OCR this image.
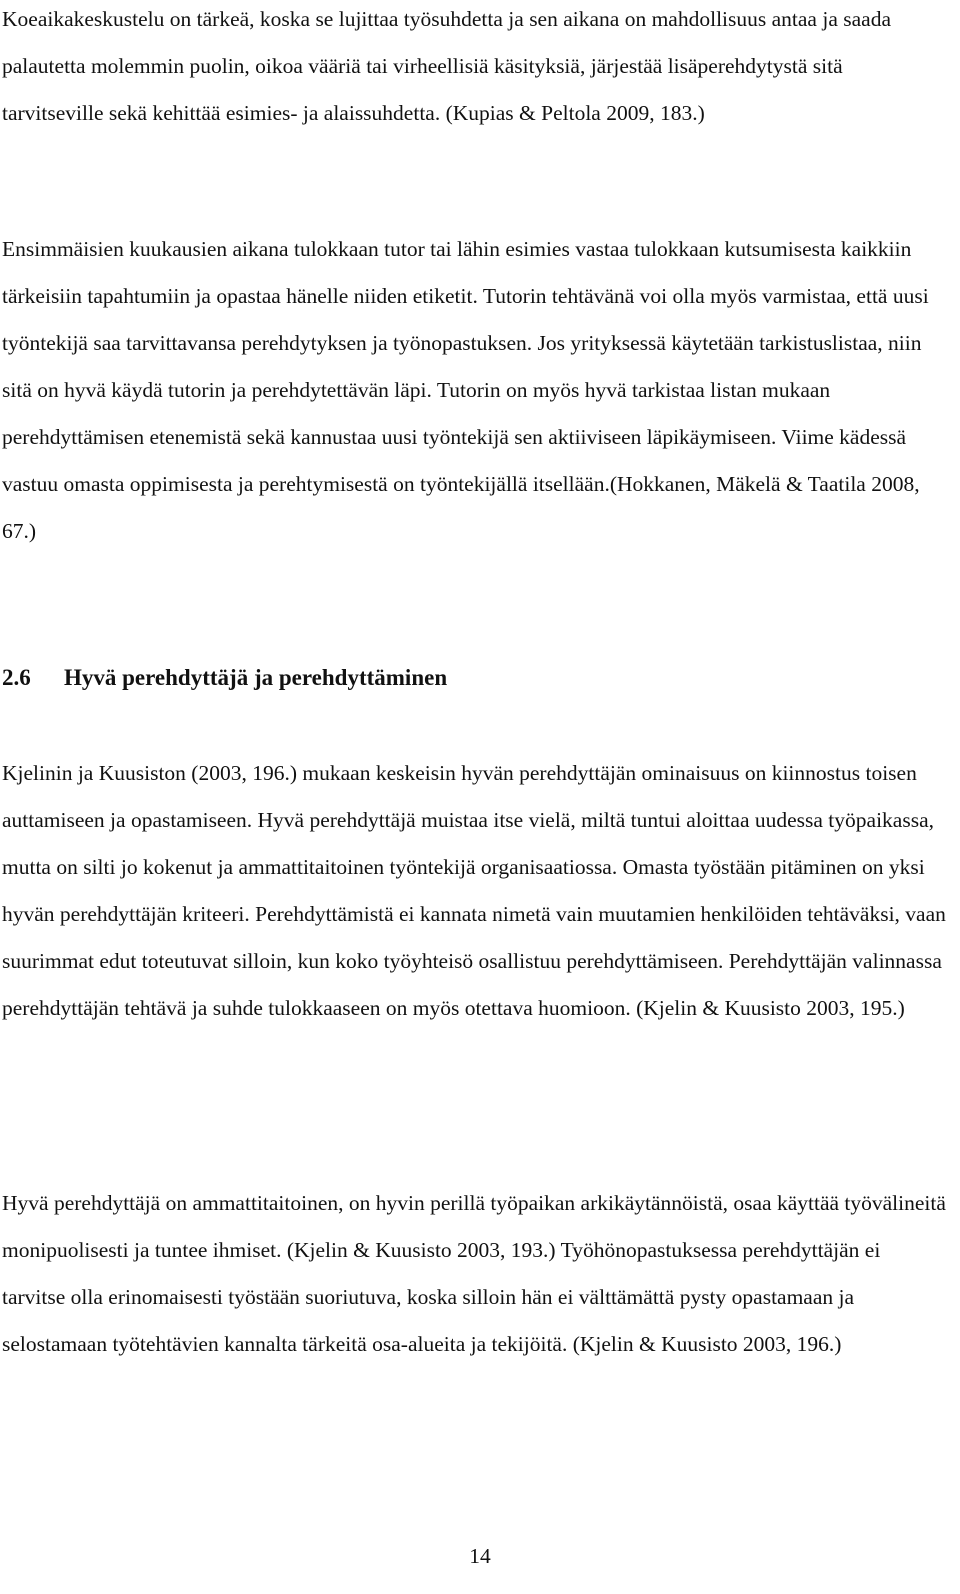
Koeaikakeskustelu on tärkeä, koska se lujittaa työsuhdetta ja sen aikana on mahdollisuus antaa ja saada palautetta molemmin puolin, oikoa vääriä tai virheellisiä käsityksiä, järjestää lisäperehdytystä sitä tarvitseville sekä kehittää esimies- ja alaissuhdetta. (Kupias & Peltola 2009, 183.)

Ensimmäisien kuukausien aikana tulokkaan tutor tai lähin esimies vastaa tulokkaan kutsumisesta kaikkiin tärkeisiin tapahtumiin ja opastaa hänelle niiden etiketit. Tutorin tehtävänä voi olla myös varmistaa, että uusi työntekijä saa tarvittavansa perehdytyksen ja työnopastuksen. Jos yrityksessä käytetään tarkistuslistaa, niin sitä on hyvä käydä tutorin ja perehdytettävän läpi. Tutorin on myös hyvä tarkistaa listan mukaan perehdyttämisen etenemistä sekä kannustaa uusi työntekijä sen aktiiviseen läpikäymiseen. Viime kädessä vastuu omasta oppimisesta ja perehtymisestä on työntekijällä itsellään.(Hokkanen, Mäkelä & Taatila 2008, 67.)

2.6	Hyvä perehdyttäjä ja perehdyttäminen

Kjelinin ja Kuusiston (2003, 196.) mukaan keskeisin hyvän perehdyttäjän ominaisuus on kiinnostus toisen auttamiseen ja opastamiseen. Hyvä perehdyttäjä muistaa itse vielä, miltä tuntui aloittaa uudessa työpaikassa, mutta on silti jo kokenut ja ammattitaitoinen työntekijä organisaatiossa. Omasta työstään pitäminen on yksi hyvän perehdyttäjän kriteeri. Perehdyttämistä ei kannata nimetä vain muutamien henkilöiden tehtäväksi, vaan suurimmat edut toteutuvat silloin, kun koko työyhteisö osallistuu perehdyttämiseen. Perehdyttäjän valinnassa perehdyttäjän tehtävä ja suhde tulokkaaseen on myös otettava huomioon. (Kjelin & Kuusisto 2003, 195.)

Hyvä perehdyttäjä on ammattitaitoinen, on hyvin perillä työpaikan arkikäytännöistä, osaa käyttää työvälineitä monipuolisesti ja tuntee ihmiset. (Kjelin & Kuusisto 2003, 193.) Työhönopastuksessa perehdyttäjän ei tarvitse olla erinomaisesti työstään suoriutuva, koska silloin hän ei välttämättä pysty opastamaan ja selostamaan työtehtävien kannalta tärkeitä osa-alueita ja tekijöitä. (Kjelin & Kuusisto 2003, 196.)

14
